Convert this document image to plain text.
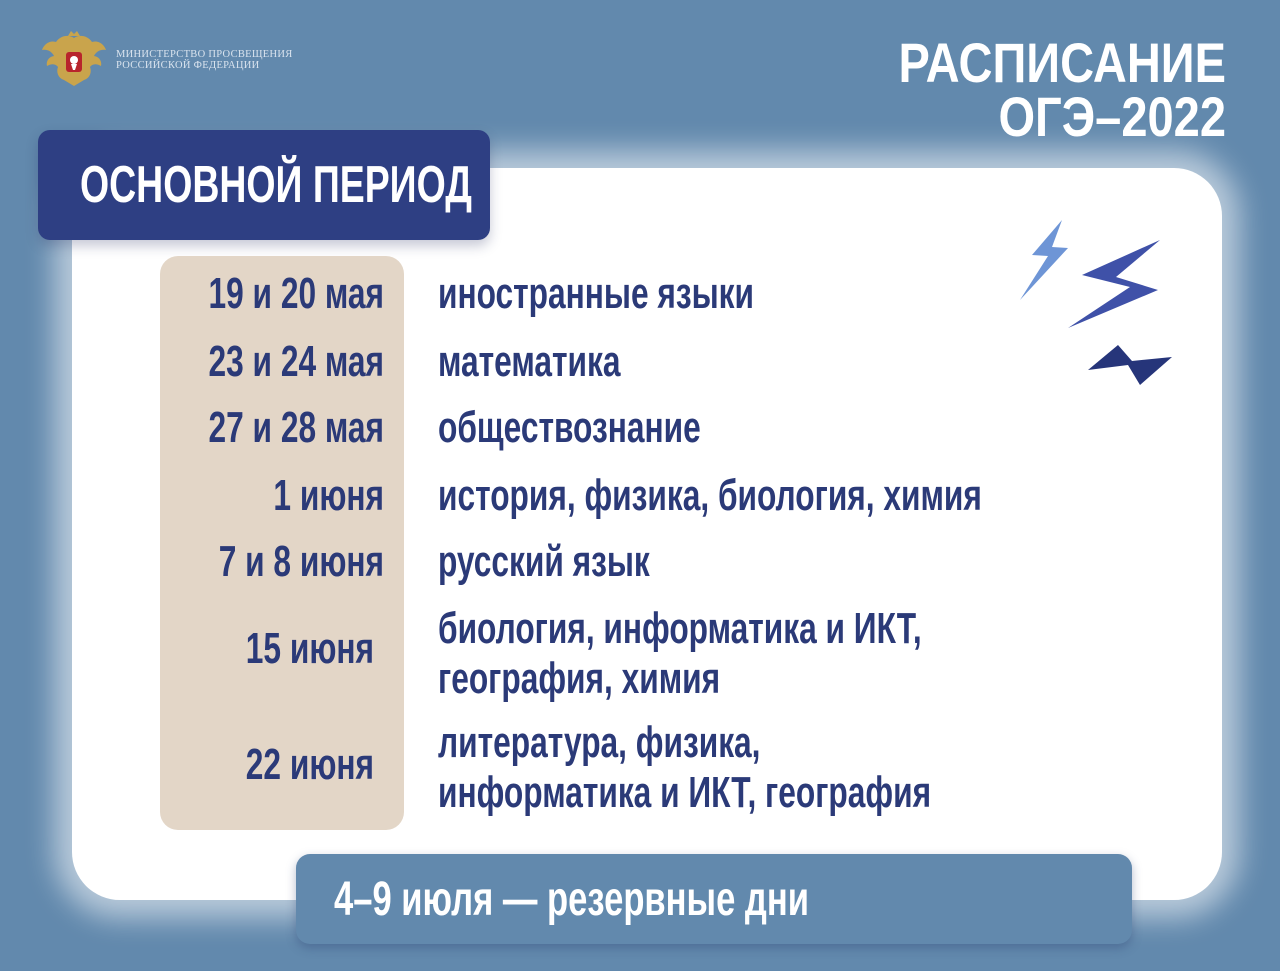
МИНИСТЕРСТВО ПРОСВЕЩЕНИЯ
РОССИЙСКОЙ ФЕДЕРАЦИИ	РАСПИСАНИЕ
ОГЭ–2022
ОСНОВНОЙ ПЕРИОД
19 и 20 мая иностранные языки
23 и 24 мая математика
27 и 28 мая обществознание
1 июня история, физика, биология, химия
7 и 8 июня русский язык
15 июня биология, информатика и ИКТ,
география, химия
22 июня литература, физика,
информатика и ИКТ, география
4–9 июля — резервные дни
